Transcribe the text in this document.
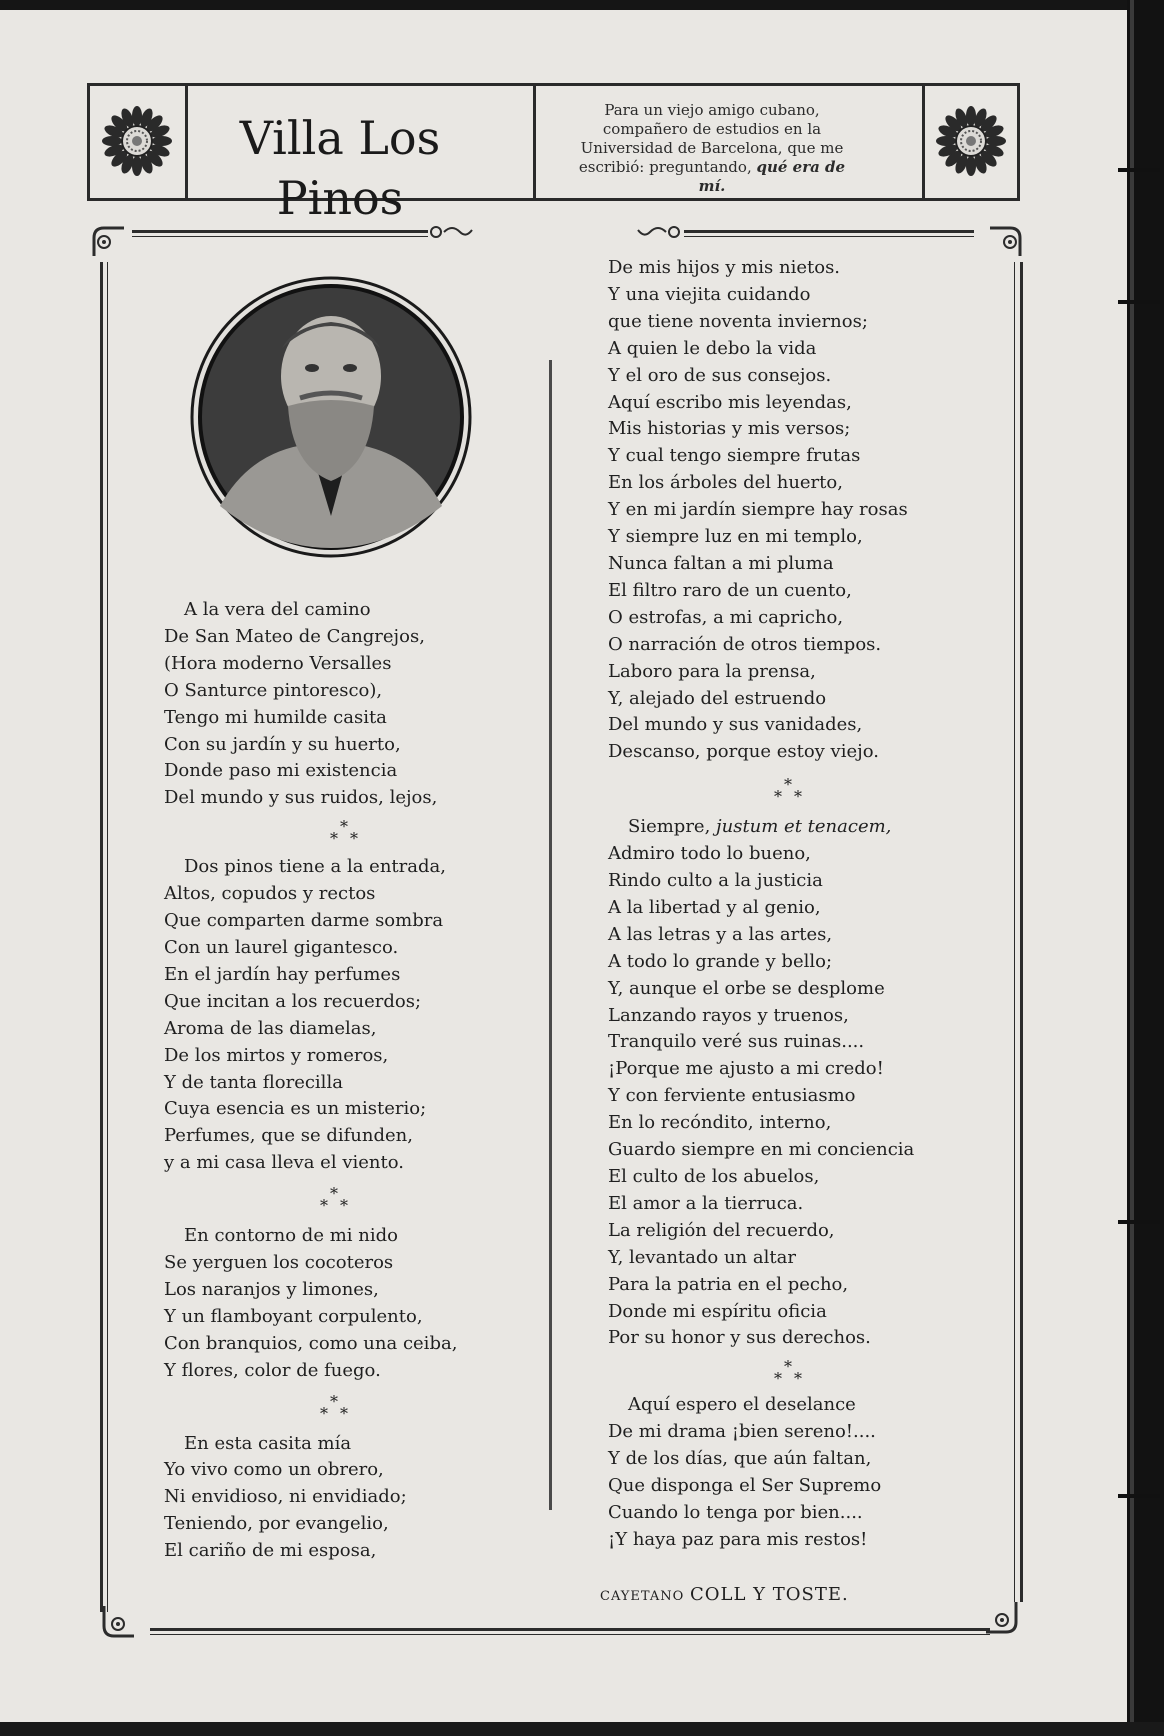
Villa Los Pinos
Para un viejo amigo cubano, compañero de estudios en la Universidad de Barcelona, que me escribió: preguntando, qué era de mí.

A la vera del camino

De San Mateo de Cangrejos,

(Hora moderno Versalles

O Santurce pintoresco),

Tengo mi humilde casita

Con su jardín y su huerto,

Donde paso mi existencia

Del mundo y sus ruidos, lejos,

*
* *

Dos pinos tiene a la entrada,

Altos, copudos y rectos

Que comparten darme sombra

Con un laurel gigantesco.

En el jardín hay perfumes

Que incitan a los recuerdos;

Aroma de las diamelas,

De los mirtos y romeros,

Y de tanta florecilla

Cuya esencia es un misterio;

Perfumes, que se difunden,

y a mi casa lleva el viento.

*
* *

En contorno de mi nido

Se yerguen los cocoteros

Los naranjos y limones,

Y un flamboyant corpulento,

Con branquios, como una ceiba,

Y flores, color de fuego.

*
* *

En esta casita mía

Yo vivo como un obrero,

Ni envidioso, ni envidiado;

Teniendo, por evangelio,

El cariño de mi esposa,

De mis hijos y mis nietos.

Y una viejita cuidando

que tiene noventa inviernos;

A quien le debo la vida

Y el oro de sus consejos.

Aquí escribo mis leyendas,

Mis historias y mis versos;

Y cual tengo siempre frutas

En los árboles del huerto,

Y en mi jardín siempre hay rosas

Y siempre luz en mi templo,

Nunca faltan a mi pluma

El filtro raro de un cuento,

O estrofas, a mi capricho,

O narración de otros tiempos.

Laboro para la prensa,

Y, alejado del estruendo

Del mundo y sus vanidades,

Descanso, porque estoy viejo.

*
* *

Siempre, justum et tenacem,

Admiro todo lo bueno,

Rindo culto a la justicia

A la libertad y al genio,

A las letras y a las artes,

A todo lo grande y bello;

Y, aunque el orbe se desplome

Lanzando rayos y truenos,

Tranquilo veré sus ruinas....

¡Porque me ajusto a mi credo!

Y con ferviente entusiasmo

En lo recóndito, interno,

Guardo siempre en mi conciencia

El culto de los abuelos,

El amor a la tierruca.

La religión del recuerdo,

Y, levantado un altar

Para la patria en el pecho,

Donde mi espíritu oficia

Por su honor y sus derechos.

*
* *

Aquí espero el deselance

De mi drama ¡bien sereno!....

Y de los días, que aún faltan,

Que disponga el Ser Supremo

Cuando lo tenga por bien....

¡Y haya paz para mis restos!

CAYETANO COLL Y TOSTE.
